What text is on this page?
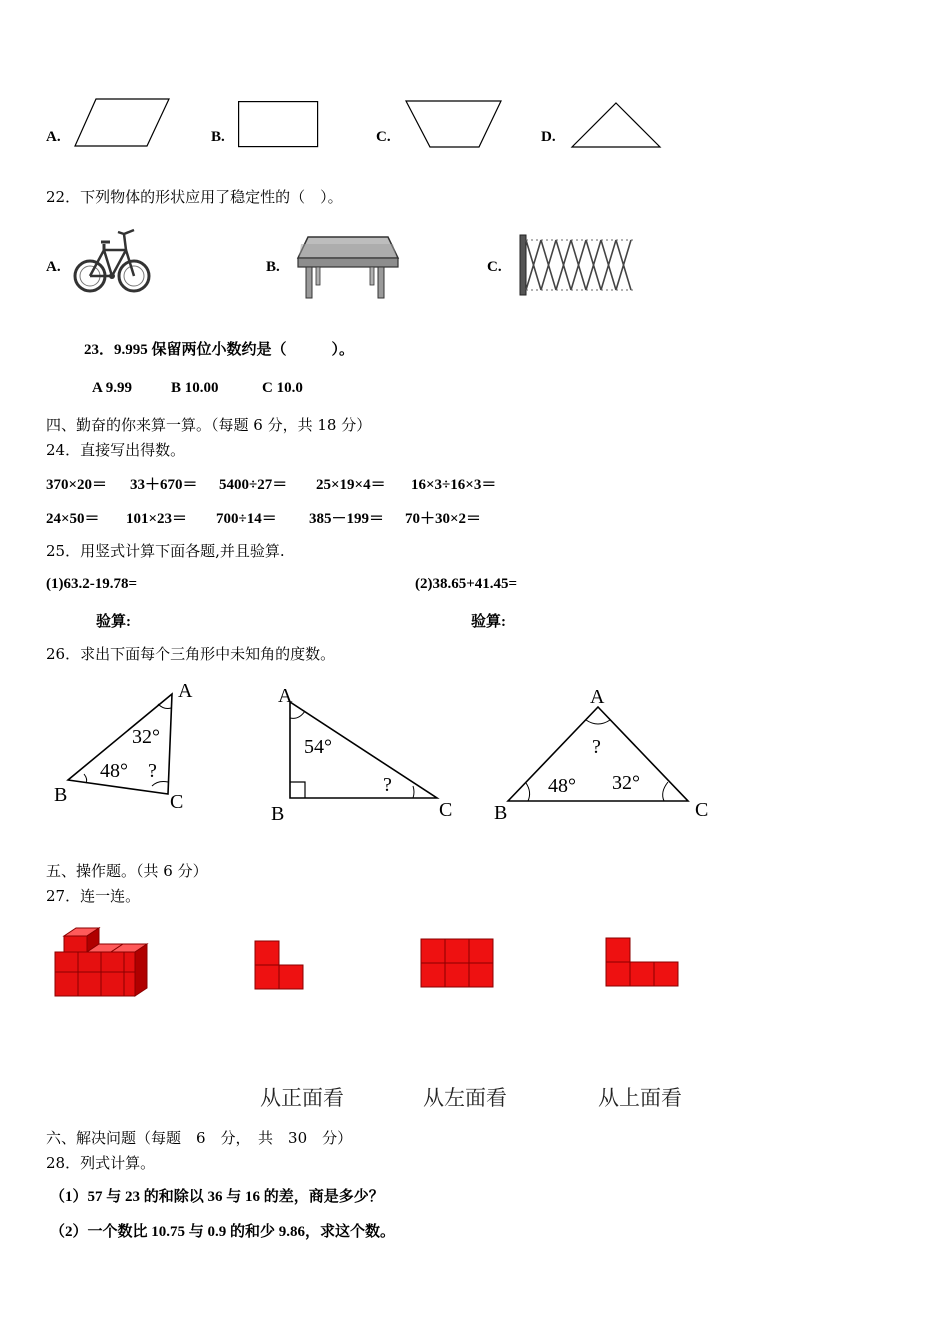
A.	B.	C.	D.
22．下列物体的形状应用了稳定性的（　）。
A.	B.	C.
23．9.995 保留两位小数约是（　　　）。
A 9.99	B 10.00	C 10.0
四、勤奋的你来算一算。（每题 6 分，共 18 分）
24．直接写出得数。
370×20＝ 33＋670＝ 5400÷27＝ 25×19×4＝ 16×3÷16×3＝
24×50＝ 101×23＝ 700÷14＝ 385－199＝ 70＋30×2＝
25．用竖式计算下面各题,并且验算.
(1)63.2-19.78=	(2)38.65+41.45=
验算:	验算:
26．求出下面每个三角形中未知角的度数。
A
B	C
32°
48° ?
A
B	C
54°
?
A
B	C
?
48° 32°
五、操作题。（共 6 分）
27．连一连。
从正面看	从左面看	从上面看
六、解决问题（每题　6　分，　共　30　分）
28．列式计算。
（1）57 与 23 的和除以 36 与 16 的差，商是多少？
（2）一个数比 10.75 与 0.9 的和少 9.86，求这个数。
